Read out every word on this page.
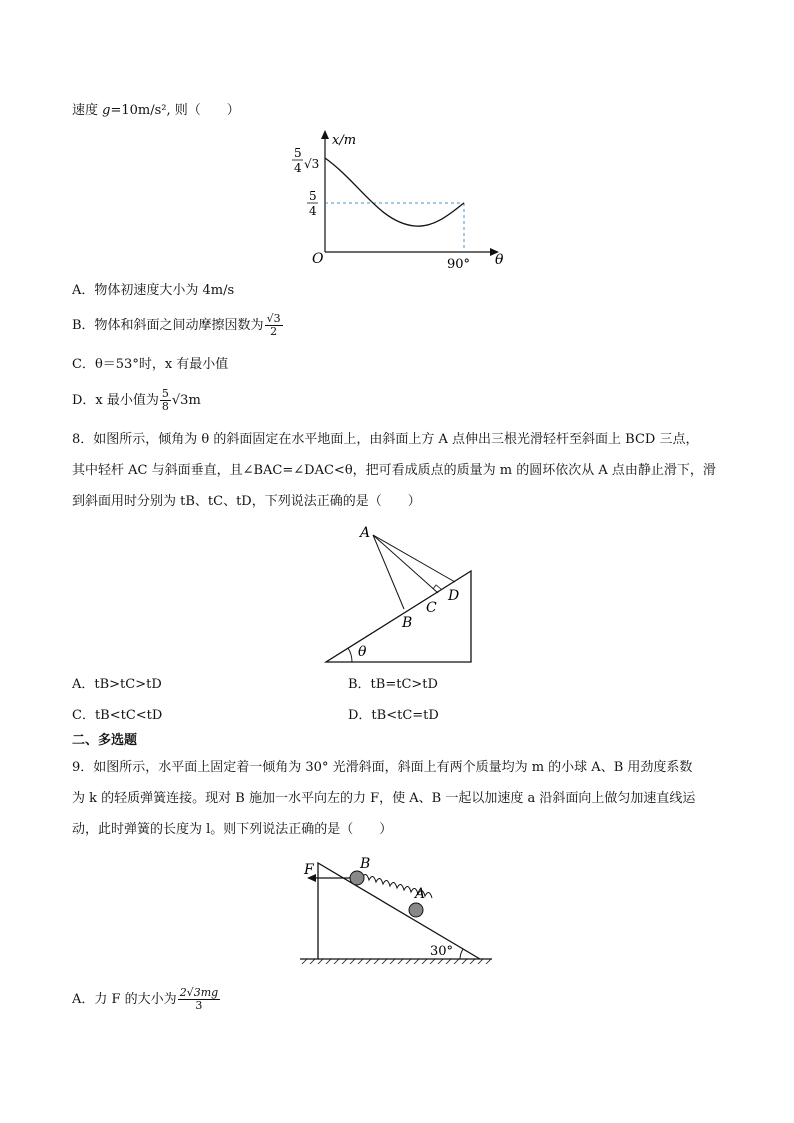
速度 g=10m/s², 则（　　）
x/m
θ
O	90°
5
4 √3
5
4
A．物体初速度大小为 4m/s
B．物体和斜面之间动摩擦因数为 $\frac{√3}{2}$
C．θ＝53°时，x 有最小值
D．x 最小值为 $\frac{5}{8} √3m$
8．如图所示，倾角为 θ 的斜面固定在水平地面上，由斜面上方 A 点伸出三根光滑轻杆至斜面上 BCD 三点，
其中轻杆 AC 与斜面垂直，且∠BAC=∠DAC<θ，把可看成质点的质量为 m 的圆环依次从 A 点由静止滑下，滑
到斜面用时分别为 tB、tC、tD，下列说法正确的是（　　）
A
B
C
D
θ
A．tB>tC>tD	B．tB=tC>tD
C．tB<tC<tD	D．tB<tC=tD
二、多选题
9．如图所示，水平面上固定着一倾角为 30° 光滑斜面，斜面上有两个质量均为 m 的小球 A、B 用劲度系数
为 k 的轻质弹簧连接。现对 B 施加一水平向左的力 F，使 A、B 一起以加速度 a 沿斜面向上做匀加速直线运
动，此时弹簧的长度为 l。则下列说法正确的是（　　）
F	B
A
30°
A．力 F 的大小为 $\frac{2√3mg}{3}$
